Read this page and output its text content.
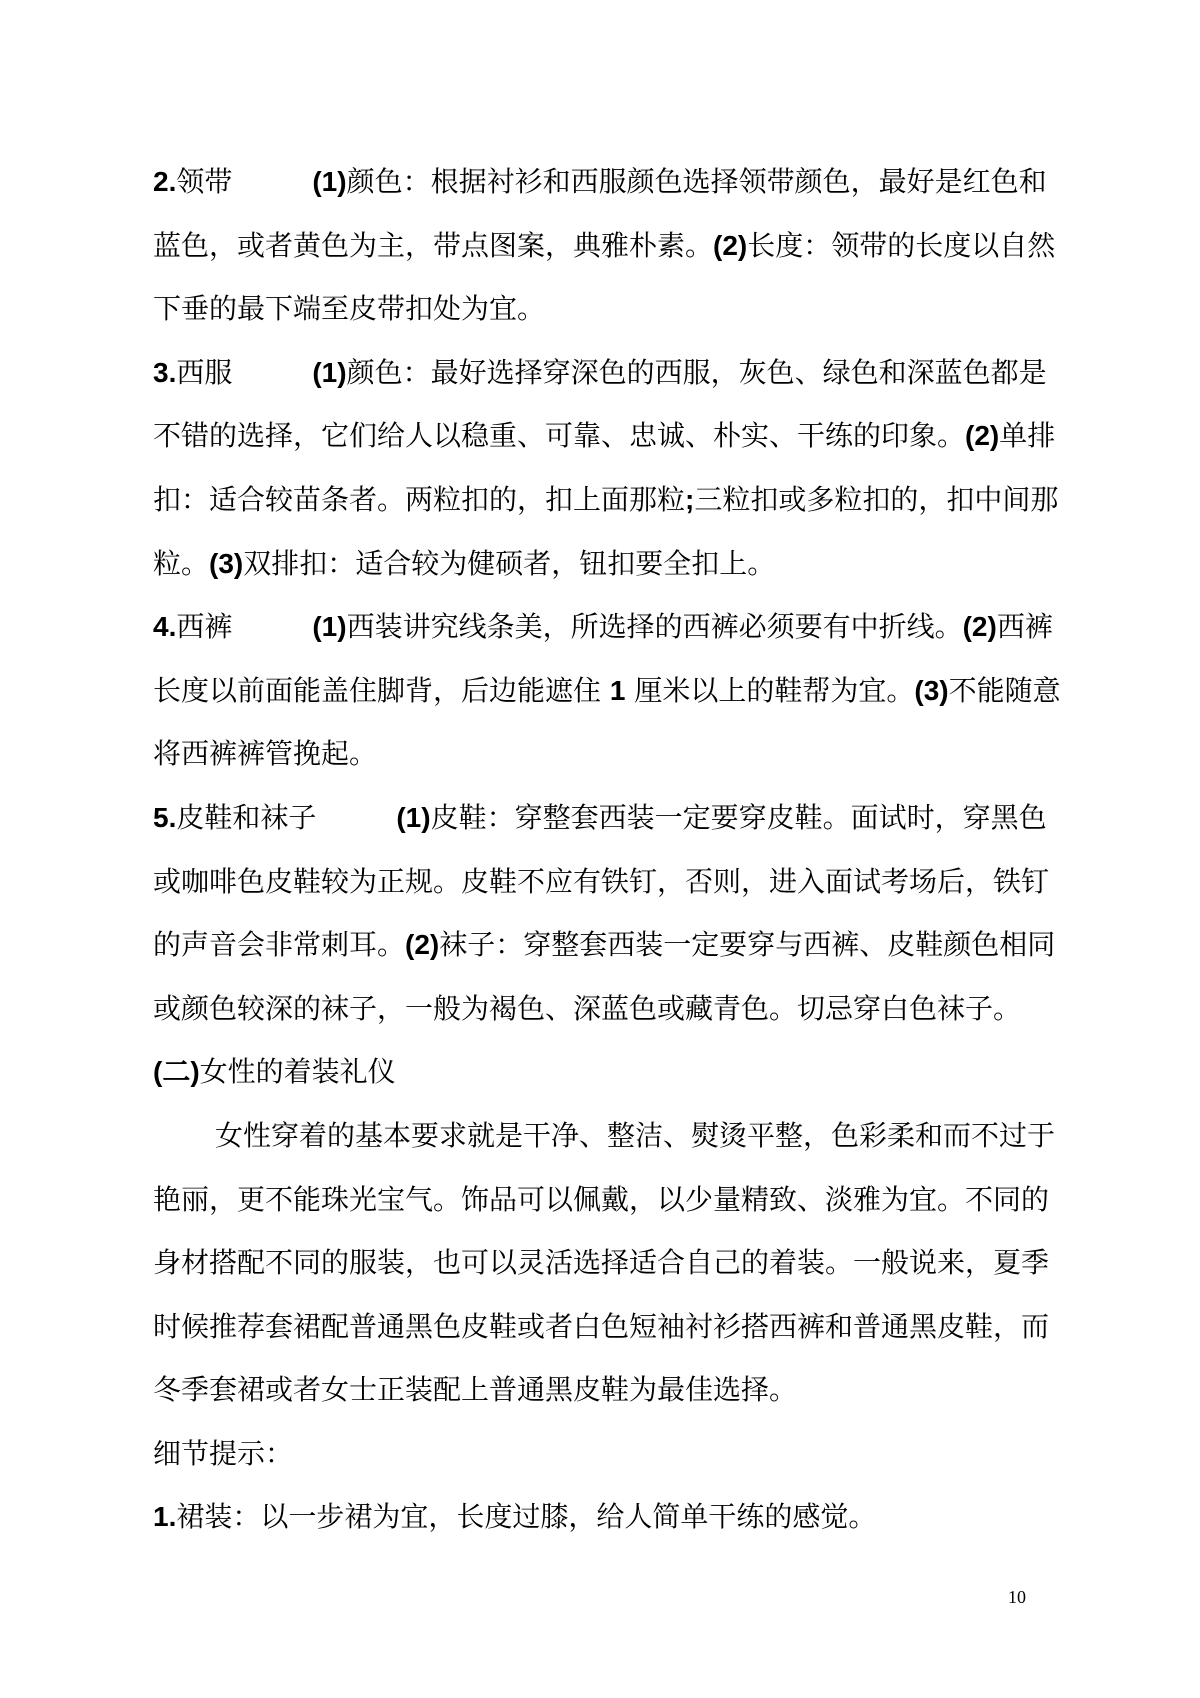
2.领带	(1)颜色：根据衬衫和西服颜色选择领带颜色，最好是红色和蓝色，或者黄色为主，带点图案，典雅朴素。(2)长度：领带的长度以自然下垂的最下端至皮带扣处为宜。

3.西服	(1)颜色：最好选择穿深色的西服，灰色、绿色和深蓝色都是不错的选择，它们给人以稳重、可靠、忠诚、朴实、干练的印象。(2)单排扣：适合较苗条者。两粒扣的，扣上面那粒;三粒扣或多粒扣的，扣中间那粒。(3)双排扣：适合较为健硕者，钮扣要全扣上。

4.西裤	(1)西装讲究线条美，所选择的西裤必须要有中折线。(2)西裤长度以前面能盖住脚背，后边能遮住 1 厘米以上的鞋帮为宜。(3)不能随意将西裤裤管挽起。

5.皮鞋和袜子	(1)皮鞋：穿整套西装一定要穿皮鞋。面试时，穿黑色或咖啡色皮鞋较为正规。皮鞋不应有铁钉，否则，进入面试考场后，铁钉的声音会非常刺耳。(2)袜子：穿整套西装一定要穿与西裤、皮鞋颜色相同或颜色较深的袜子，一般为褐色、深蓝色或藏青色。切忌穿白色袜子。

(二)女性的着装礼仪

女性穿着的基本要求就是干净、整洁、熨烫平整，色彩柔和而不过于艳丽，更不能珠光宝气。饰品可以佩戴，以少量精致、淡雅为宜。不同的身材搭配不同的服装，也可以灵活选择适合自己的着装。一般说来，夏季时候推荐套裙配普通黑色皮鞋或者白色短袖衬衫搭西裤和普通黑皮鞋，而冬季套裙或者女士正装配上普通黑皮鞋为最佳选择。

细节提示：

1.裙装：以一步裙为宜，长度过膝，给人简单干练的感觉。

10
